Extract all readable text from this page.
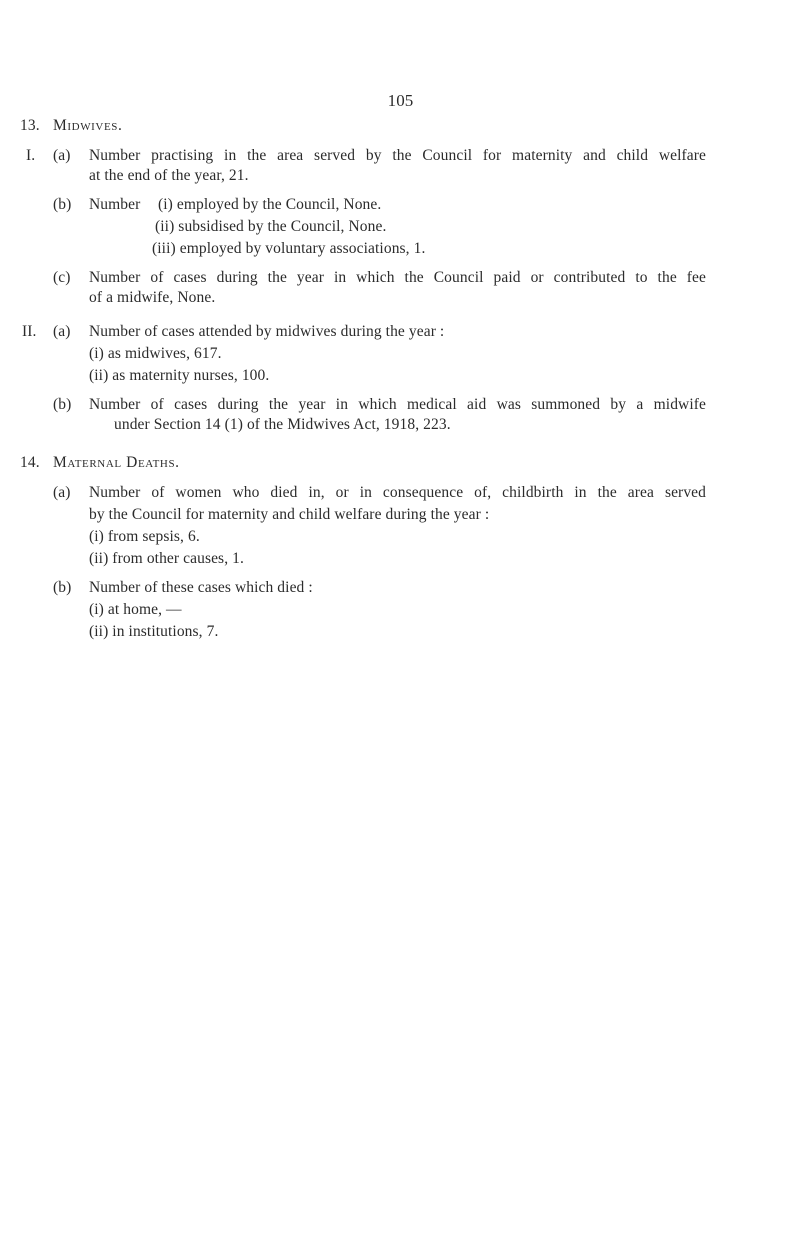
105
13. Midwives.
I. (a) Number practising in the area served by the Council for maternity and child welfare
at the end of the year, 21.
(b) Number (i) employed by the Council, None.
(ii) subsidised by the Council, None.
(iii) employed by voluntary associations, 1.
(c) Number of cases during the year in which the Council paid or contributed to the fee
of a midwife, None.
II. (a) Number of cases attended by midwives during the year :
(i) as midwives, 617.
(ii) as maternity nurses, 100.
(b) Number of cases during the year in which medical aid was summoned by a midwife
under Section 14 (1) of the Midwives Act, 1918, 223.
14. Maternal Deaths.
(a) Number of women who died in, or in consequence of, childbirth in the area served
by the Council for maternity and child welfare during the year :
(i) from sepsis, 6.
(ii) from other causes, 1.
(b) Number of these cases which died :
(i) at home, —
(ii) in institutions, 7.
